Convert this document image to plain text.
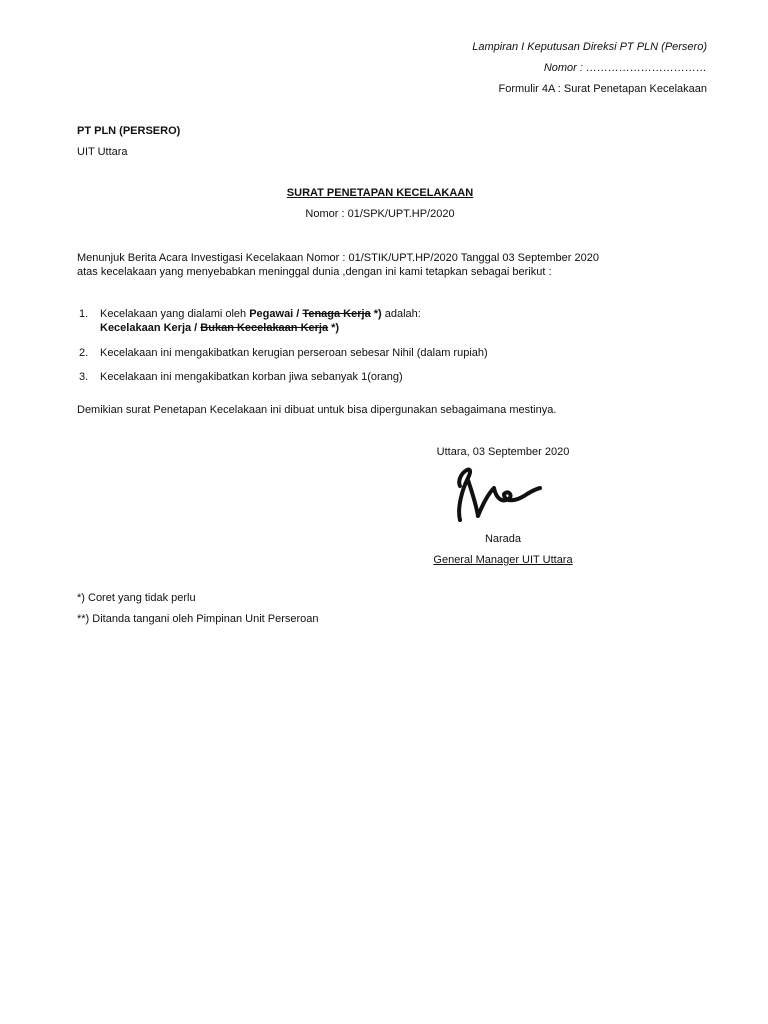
Lampiran I Keputusan Direksi PT PLN (Persero)
Nomor : ……………………………
Formulir 4A : Surat Penetapan Kecelakaan
PT PLN (PERSERO)
UIT Uttara
SURAT PENETAPAN KECELAKAAN
Nomor : 01/SPK/UPT.HP/2020
Menunjuk Berita Acara Investigasi Kecelakaan Nomor : 01/STIK/UPT.HP/2020 Tanggal 03 September 2020
atas kecelakaan yang menyebabkan meninggal dunia ,dengan ini kami tetapkan sebagai berikut :
1. Kecelakaan yang dialami oleh Pegawai / Tenaga Kerja *) adalah:
Kecelakaan Kerja / Bukan Kecelakaan Kerja *)
2. Kecelakaan ini mengakibatkan kerugian perseroan sebesar Nihil (dalam rupiah)
3. Kecelakaan ini mengakibatkan korban jiwa sebanyak 1(orang)
Demikian surat Penetapan Kecelakaan ini dibuat untuk bisa dipergunakan sebagaimana mestinya.
Uttara, 03 September 2020
Narada
General Manager UIT Uttara
*) Coret yang tidak perlu
**) Ditanda tangani oleh Pimpinan Unit Perseroan
